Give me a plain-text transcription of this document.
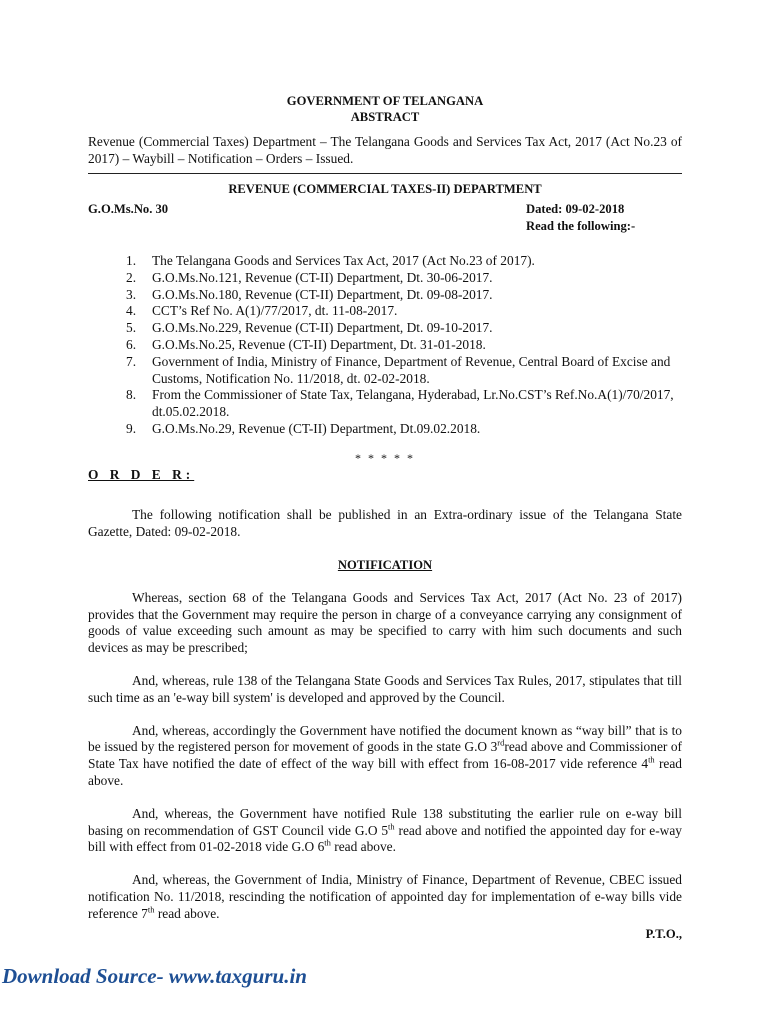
GOVERNMENT OF TELANGANA
ABSTRACT
Revenue (Commercial Taxes) Department – The Telangana Goods and Services Tax Act, 2017 (Act No.23 of 2017) – Waybill – Notification – Orders – Issued.
REVENUE (COMMERCIAL TAXES-II) DEPARTMENT
G.O.Ms.No. 30	Dated: 09-02-2018
Read the following:-
1.	The Telangana Goods and Services Tax Act, 2017 (Act No.23 of 2017).
2.	G.O.Ms.No.121, Revenue (CT-II) Department, Dt. 30-06-2017.
3.	G.O.Ms.No.180, Revenue (CT-II) Department, Dt. 09-08-2017.
4.	CCT’s Ref No. A(1)/77/2017, dt. 11-08-2017.
5.	G.O.Ms.No.229, Revenue (CT-II) Department, Dt. 09-10-2017.
6.	G.O.Ms.No.25, Revenue (CT-II) Department, Dt. 31-01-2018.
7.	Government of India, Ministry of Finance, Department of Revenue, Central Board of Excise and Customs, Notification No. 11/2018, dt. 02-02-2018.
8.	From the Commissioner of State Tax, Telangana, Hyderabad, Lr.No.CST’s Ref.No.A(1)/70/2017, dt.05.02.2018.
9.	G.O.Ms.No.29, Revenue (CT-II) Department, Dt.09.02.2018.
* * * * *
O R D E R:

The following notification shall be published in an Extra-ordinary issue of the Telangana State Gazette, Dated: 09-02-2018.

NOTIFICATION

Whereas, section 68 of the Telangana Goods and Services Tax Act, 2017 (Act No. 23 of 2017) provides that the Government may require the person in charge of a conveyance carrying any consignment of goods of value exceeding such amount as may be specified to carry with him such documents and such devices as may be prescribed;

And, whereas, rule 138 of the Telangana State Goods and Services Tax Rules, 2017, stipulates that till such time as an 'e-way bill system' is developed and approved by the Council.

And, whereas, accordingly the Government have notified the document known as “way bill” that is to be issued by the registered person for movement of goods in the state G.O 3rdread above and Commissioner of State Tax have notified the date of effect of the way bill with effect from 16-08-2017 vide reference 4th read above.

And, whereas, the Government have notified Rule 138 substituting the earlier rule on e-way bill basing on recommendation of GST Council vide G.O 5th read above and notified the appointed day for e-way bill with effect from 01-02-2018 vide G.O 6th read above.

And, whereas, the Government of India, Ministry of Finance, Department of Revenue, CBEC issued notification No. 11/2018, rescinding the notification of appointed day for implementation of e-way bills vide reference 7th read above.

P.T.O.,
Download Source- www.taxguru.in
